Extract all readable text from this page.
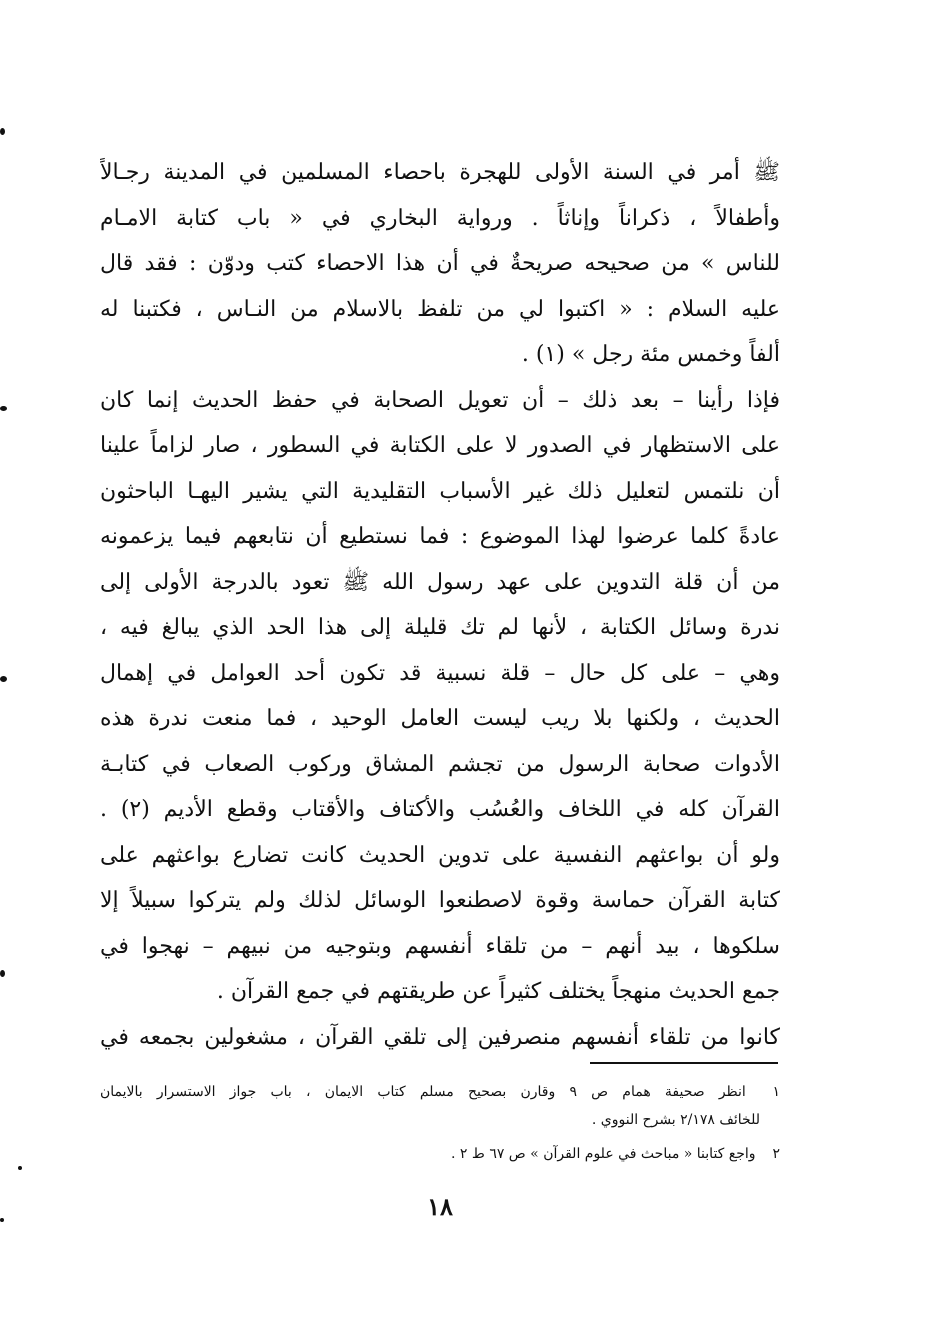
ﷺ أمر في السنة الأولى للهجرة باحصاء المسلمين في المدينة رجـالاً
وأطفالاً ، ذكراناً وإناثاً . ورواية البخاري في « باب كتابة الامـام
للناس » من صحيحه صريحةٌ في أن هذا الاحصاء كتب ودوّن : فقد قال
عليه السلام : « اكتبوا لي من تلفظ بالاسلام من النـاس ، فكتبنا له
ألفاً وخمس مئة رجل » (١) .
فإذا رأينا – بعد ذلك – أن تعويل الصحابة في حفظ الحديث إنما كان
على الاستظهار في الصدور لا على الكتابة في السطور ، صار لزاماً علينا
أن نلتمس لتعليل ذلك غير الأسباب التقليدية التي يشير اليهـا الباحثون
عادةً كلما عرضوا لهذا الموضوع : فما نستطيع أن نتابعهم فيما يزعمونه
من أن قلة التدوين على عهد رسول الله ﷺ تعود بالدرجة الأولى إلى
ندرة وسائل الكتابة ، لأنها لم تك قليلة إلى هذا الحد الذي يبالغ فيه ،
وهي – على كل حال – قلة نسبية قد تكون أحد العوامل في إهمال
الحديث ، ولكنها بلا ريب ليست العامل الوحيد ، فما منعت ندرة هذه
الأدوات صحابة الرسول من تجشم المشاق وركوب الصعاب في كتابـة
القرآن كله في اللخاف والعُسُب والأكتاف والأقتاب وقطع الأديم (٢) .
ولو أن بواعثهم النفسية على تدوين الحديث كانت تضارع بواعثهم على
كتابة القرآن حماسة وقوة لاصطنعوا الوسائل لذلك ولم يتركوا سبيلاً إلا
سلكوها ، بيد أنهم – من تلقاء أنفسهم وبتوجيه من نبيهم – نهجوا في
جمع الحديث منهجاً يختلف كثيراً عن طريقتهم في جمع القرآن .
كانوا من تلقاء أنفسهم منصرفين إلى تلقي القرآن ، مشغولين بجمعه في
١ انظر صحيفة همام ص ٩ وقارن بصحيح مسلم كتاب الايمان ، باب جواز الاستسرار بالايمان
للخائف ٢/١٧٨ بشرح النووي .
٢ واجع كتابنا « مباحث في علوم القرآن » ص ٦٧ ط ٢ .
١٨
